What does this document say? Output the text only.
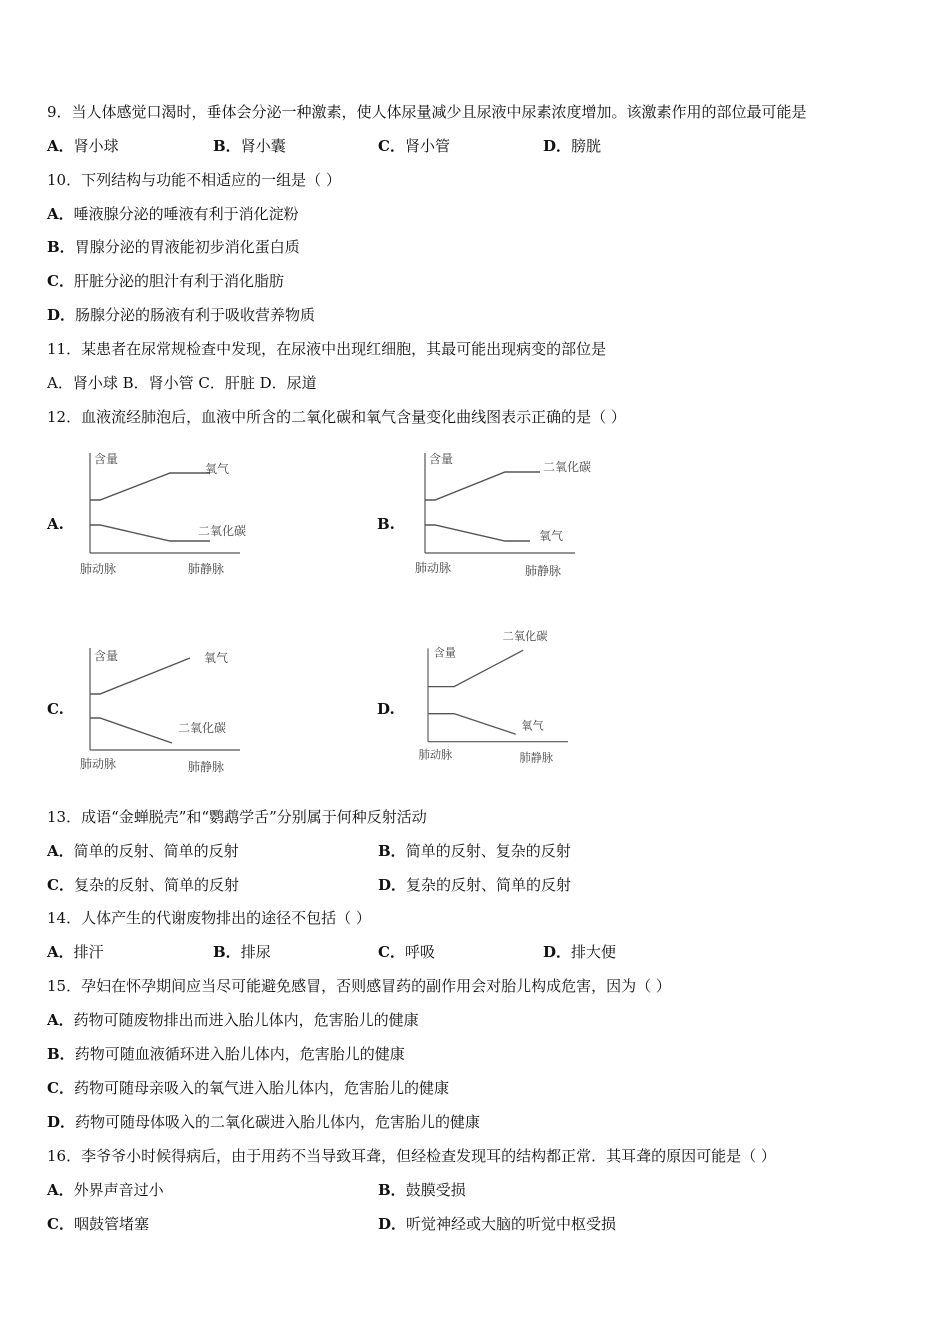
9．当人体感觉口渴时，垂体会分泌一种激素，使人体尿量减少且尿液中尿素浓度增加。该激素作用的部位最可能是
A．肾小球	B．肾小囊	C．肾小管	D．膀胱
10．下列结构与功能不相适应的一组是（ ）
A．唾液腺分泌的唾液有利于消化淀粉
B．胃腺分泌的胃液能初步消化蛋白质
C．肝脏分泌的胆汁有利于消化脂肪
D．肠腺分泌的肠液有利于吸收营养物质
11．某患者在尿常规检查中发现，在尿液中出现红细胞，其最可能出现病变的部位是
A．肾小球 B．肾小管 C．肝脏 D．尿道
12．血液流经肺泡后，血液中所含的二氧化碳和氧气含量变化曲线图表示正确的是（ ）
A.
含量
氧气
二氧化碳
肺动脉	肺静脉
B.
含量
二氧化碳
氧气
肺动脉	肺静脉
C.
含量	氧气
二氧化碳
肺动脉	肺静脉
D.
含量
二氧化碳
氧气
肺动脉	肺静脉
13．成语“金蝉脱壳”和“鹦鹉学舌”分别属于何种反射活动
A．简单的反射、简单的反射	B．简单的反射、复杂的反射
C．复杂的反射、简单的反射	D．复杂的反射、简单的反射
14．人体产生的代谢废物排出的途径不包括（ ）
A．排汗	B．排尿	C．呼吸	D．排大便
15．孕妇在怀孕期间应当尽可能避免感冒，否则感冒药的副作用会对胎儿构成危害，因为（ ）
A．药物可随废物排出而进入胎儿体内，危害胎儿的健康
B．药物可随血液循环进入胎儿体内，危害胎儿的健康
C．药物可随母亲吸入的氧气进入胎儿体内，危害胎儿的健康
D．药物可随母体吸入的二氧化碳进入胎儿体内，危害胎儿的健康
16．李爷爷小时候得病后，由于用药不当导致耳聋，但经检查发现耳的结构都正常．其耳聋的原因可能是（ ）
A．外界声音过小	B．鼓膜受损
C．咽鼓管堵塞	D．听觉神经或大脑的听觉中枢受损
